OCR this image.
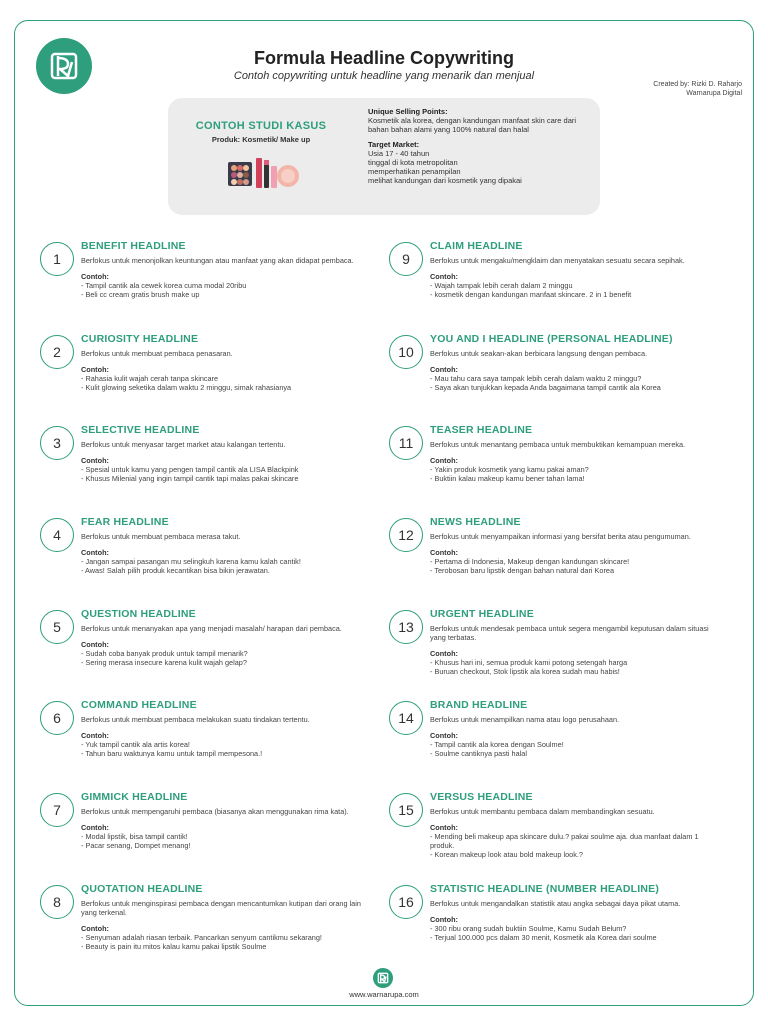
Formula Headline Copywriting
Contoh copywriting untuk headline yang menarik dan menjual
Created by: Rizki D. Raharjo
Warnarupa Digital
CONTOH STUDI KASUS
Produk: Kosmetik/ Make up
Unique Selling Points:
Kosmetik ala korea, dengan kandungan manfaat skin care dari bahan bahan alami yang 100% natural dan halal
Target Market:
Usia 17 - 40 tahun
tinggal di kota metropolitan
memperhatikan penampilan
melihat kandungan dari kosmetik yang dipakai
1
BENEFIT HEADLINE
Berfokus untuk menonjolkan keuntungan atau manfaat yang akan didapat pembaca.
Contoh:
- Tampil cantik ala cewek korea cuma modal 20ribu
- Beli cc cream gratis brush make up
2
CURIOSITY HEADLINE
Berfokus untuk membuat pembaca penasaran.
Contoh:
- Rahasia kulit wajah cerah tanpa skincare
- Kulit glowing seketika dalam waktu 2 minggu, simak rahasianya
3
SELECTIVE HEADLINE
Berfokus untuk menyasar target market atau kalangan tertentu.
Contoh:
- Spesial untuk kamu yang pengen tampil cantik ala LISA Blackpink
- Khusus Milenial yang ingin tampil cantik tapi malas pakai skincare
4
FEAR HEADLINE
Berfokus untuk membuat pembaca merasa takut.
Contoh:
- Jangan sampai pasangan mu selingkuh karena kamu kalah cantik!
- Awas! Salah pilih produk kecantikan bisa bikin jerawatan.
5
QUESTION HEADLINE
Berfokus untuk menanyakan apa yang menjadi masalah/ harapan dari pembaca.
Contoh:
- Sudah coba banyak produk untuk tampil menarik?
- Sering merasa insecure karena kulit wajah gelap?
6
COMMAND HEADLINE
Berfokus untuk membuat pembaca melakukan suatu tindakan tertentu.
Contoh:
- Yuk tampil cantik ala artis korea!
- Tahun baru waktunya kamu untuk tampil mempesona.!
7
GIMMICK HEADLINE
Berfokus untuk mempengaruhi pembaca (biasanya akan menggunakan rima kata).
Contoh:
- Modal lipstik, bisa tampil cantik!
- Pacar senang, Dompet menang!
8
QUOTATION HEADLINE
Berfokus untuk menginspirasi pembaca dengan mencantumkan kutipan dari orang lain yang terkenal.
Contoh:
- Senyuman adalah riasan terbaik. Pancarkan senyum cantikmu sekarang!
- Beauty is pain itu mitos kalau kamu pakai lipstik Soulme
9
CLAIM HEADLINE
Berfokus untuk mengaku/mengklaim dan menyatakan sesuatu secara sepihak.
Contoh:
- Wajah tampak lebih cerah dalam 2 minggu
- kosmetik dengan kandungan manfaat skincare. 2 in 1 benefit
10
YOU AND I HEADLINE (PERSONAL HEADLINE)
Berfokus untuk seakan-akan berbicara langsung dengan pembaca.
Contoh:
- Mau tahu cara saya tampak lebih cerah dalam waktu 2 minggu?
- Saya akan tunjukkan kepada Anda bagaimana tampil cantik ala Korea
11
TEASER HEADLINE
Berfokus untuk menantang pembaca untuk membuktikan kemampuan mereka.
Contoh:
- Yakin produk kosmetik yang kamu pakai aman?
- Buktiin kalau makeup kamu bener tahan lama!
12
NEWS HEADLINE
Berfokus untuk menyampaikan informasi yang bersifat berita atau pengumuman.
Contoh:
- Pertama di Indonesia, Makeup dengan kandungan skincare!
- Terobosan baru lipstik dengan bahan natural dari Korea
13
URGENT HEADLINE
Berfokus untuk mendesak pembaca untuk segera mengambil keputusan dalam situasi yang terbatas.
Contoh:
- Khusus hari ini, semua produk kami potong setengah harga
- Buruan checkout, Stok lipstik ala korea sudah mau habis!
14
BRAND HEADLINE
Berfokus untuk menampilkan nama atau logo perusahaan.
Contoh:
- Tampil cantik ala korea dengan Soulme!
- Soulme cantiknya pasti halal
15
VERSUS HEADLINE
Berfokus untuk membantu pembaca dalam membandingkan sesuatu.
Contoh:
- Mending beli makeup apa skincare dulu.? pakai soulme aja. dua manfaat dalam 1 produk.
- Korean makeup look atau bold makeup look.?
16
STATISTIC HEADLINE (NUMBER HEADLINE)
Berfokus untuk mengandalkan statistik atau angka sebagai daya pikat utama.
Contoh:
- 300 ribu orang sudah buktiin Soulme, Kamu Sudah Belum?
- Terjual 100.000 pcs dalam 30 menit, Kosmetik ala Korea dari soulme
www.warnarupa.com
